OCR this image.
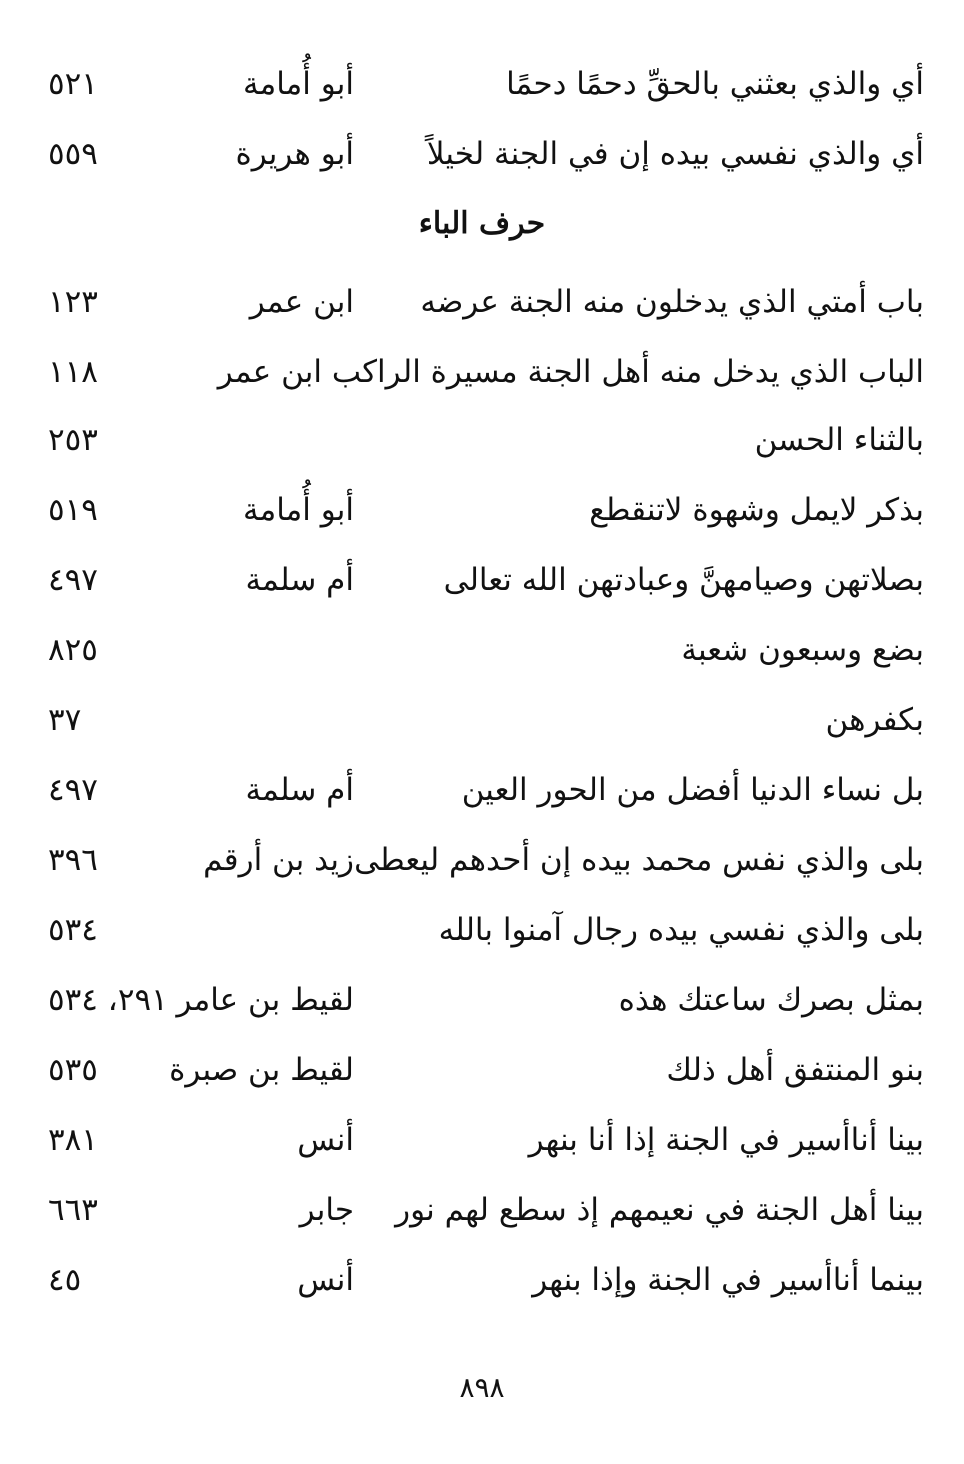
أي والذي بعثني بالحقِّ دحمًا دحمًا
أبو أُمامة
٥٢١
أي والذي نفسي بيده إن في الجنة لخيلاً
أبو هريرة
٥٥٩
حرف الباء
باب أمتي الذي يدخلون منه الجنة عرضه
ابن عمر
١٢٣
الباب الذي يدخل منه أهل الجنة مسيرة الراكب ابن عمر
١١٨
بالثناء الحسن
٢٥٣
بذكر لايمل وشهوة لاتنقطع
أبو أُمامة
٥١٩
بصلاتهن وصيامهنَّ وعبادتهن الله تعالى
أم سلمة
٤٩٧
بضع وسبعون شعبة
٨٢٥
بكفرهن
٣٧
بل نساء الدنيا أفضل من الحور العين
أم سلمة
٤٩٧
بلى والذي نفس محمد بيده إن أحدهم ليعطى
زيد بن أرقم
٣٩٦
بلى والذي نفسي بيده رجال آمنوا بالله
٥٣٤
بمثل بصرك ساعتك هذه
لقيط بن عامر
٢٩١، ٥٣٤
بنو المنتفق أهل ذلك
لقيط بن صبرة
٥٣٥
بينا أناأسير في الجنة إذا أنا بنهر
أنس
٣٨١
بينا أهل الجنة في نعيمهم إذ سطع لهم نور
جابر
٦٦٣
بينما أناأسير في الجنة وإذا بنهر
أنس
٤٥
٨٩٨
